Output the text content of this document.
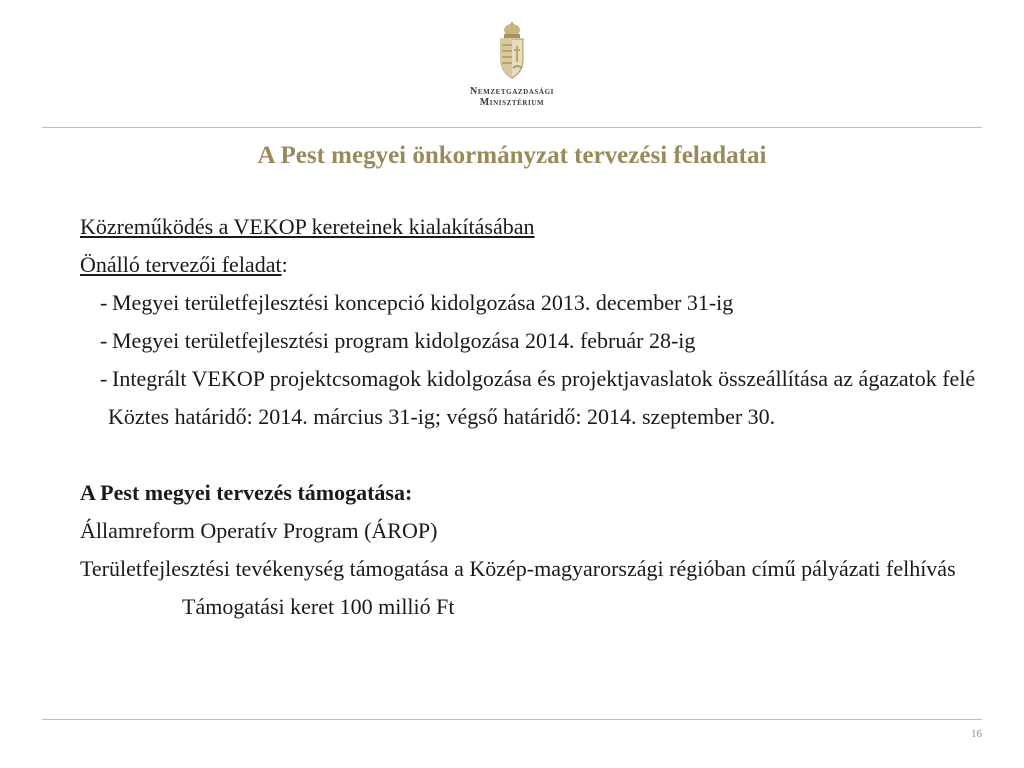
Nemzetgazdasági
Minisztérium
A Pest megyei önkormányzat tervezési feladatai
Közreműködés a VEKOP kereteinek kialakításában
Önálló tervezői feladat:
- Megyei területfejlesztési koncepció kidolgozása 2013. december 31-ig
- Megyei területfejlesztési program kidolgozása 2014. február 28-ig
- Integrált VEKOP projektcsomagok kidolgozása és projektjavaslatok összeállítása az ágazatok felé
Köztes határidő: 2014. március 31-ig; végső határidő: 2014. szeptember 30.
A Pest megyei tervezés támogatása:
Államreform Operatív Program (ÁROP)
Területfejlesztési tevékenység támogatása a Közép-magyarországi régióban című pályázati felhívás
Támogatási keret 100 millió Ft
16
